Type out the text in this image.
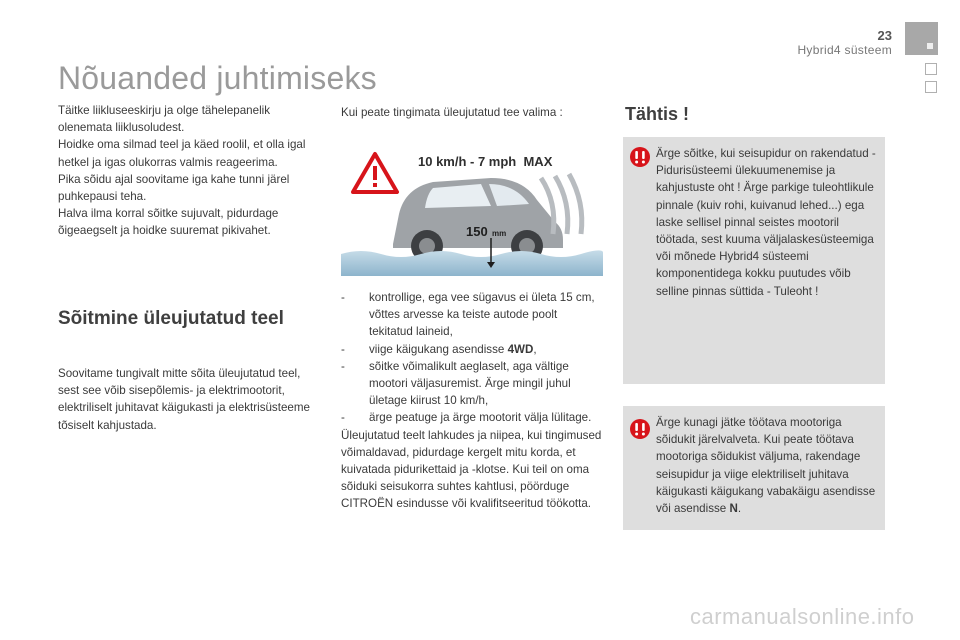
23
Hybrid4 süsteem
Nõuanded juhtimiseks
Täitke liikluseeskirju ja olge tähelepanelik olenemata liiklusoludest.
Hoidke oma silmad teel ja käed roolil, et olla igal hetkel ja igas olukorras valmis reageerima.
Pika sõidu ajal soovitame iga kahe tunni järel puhkepausi teha.
Halva ilma korral sõitke sujuvalt, pidurdage õigeaegselt ja hoidke suuremat pikivahet.
Sõitmine üleujutatud teel
Soovitame tungivalt mitte sõita üleujutatud teel, sest see võib sisepõlemis- ja elektrimootorit, elektriliselt juhitavat käigukasti ja elektrisüsteeme tõsiselt kahjustada.
Kui peate tingimata üleujutatud tee valima :
10 km/h - 7 mph  MAX
150 mm
- kontrollige, ega vee sügavus ei ületa 15 cm, võttes arvesse ka teiste autode poolt tekitatud laineid,
- viige käigukang asendisse 4WD,
- sõitke võimalikult aeglaselt, aga vältige mootori väljasuremist. Ärge mingil juhul ületage kiirust 10 km/h,
- ärge peatuge ja ärge mootorit välja lülitage.
Üleujutatud teelt lahkudes ja niipea, kui tingimused võimaldavad, pidurdage kergelt mitu korda, et kuivatada pidurikettaid ja -klotse. Kui teil on oma sõiduki seisukorra suhtes kahtlusi, pöörduge CITROËN esindusse või kvalifitseeritud töökotta.
Tähtis !
Ärge sõitke, kui seisupidur on rakendatud - Pidurisüsteemi ülekuumenemise ja kahjustuste oht ! Ärge parkige tuleohtlikule pinnale (kuiv rohi, kuivanud lehed...) ega laske sellisel pinnal seistes mootoril töötada, sest kuuma väljalaskesüsteemiga või mõnede Hybrid4 süsteemi komponentidega kokku puutudes võib selline pinnas süttida - Tuleoht !
Ärge kunagi jätke töötava mootoriga sõidukit järelvalveta. Kui peate töötava mootoriga sõidukist väljuma, rakendage seisupidur ja viige elektriliselt juhitava käigukasti käigukang vabakäigu asendisse või asendisse N.
carmanualsonline.info
